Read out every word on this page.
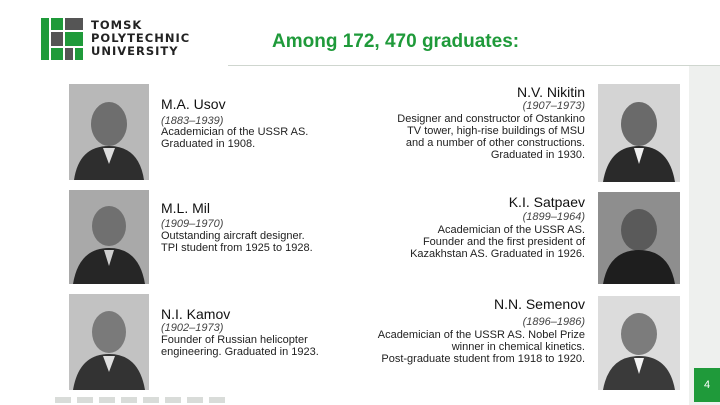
TOMSK
POLYTECHNIC
UNIVERSITY	Among 172, 470 graduates:
4
M.A. Usov
(1883–1939)
Academician of the USSR AS.
Graduated in 1908.
M.L. Mil
(1909–1970)
Outstanding aircraft designer.
TPI student from 1925 to 1928.
N.I. Kamov
(1902–1973)
Founder of Russian helicopter
engineering. Graduated in 1923.
N.V. Nikitin
(1907–1973)
Designer and constructor of Ostankino
TV tower, high-rise buildings of MSU
and a number of other constructions.
Graduated in 1930.
K.I. Satpaev
(1899–1964)
Academician of the USSR AS.
Founder and the first president of
Kazakhstan AS. Graduated in 1926.
N.N. Semenov
(1896–1986)
Academician of the USSR AS. Nobel Prize
winner in chemical kinetics.
Post-graduate student from 1918 to 1920.
